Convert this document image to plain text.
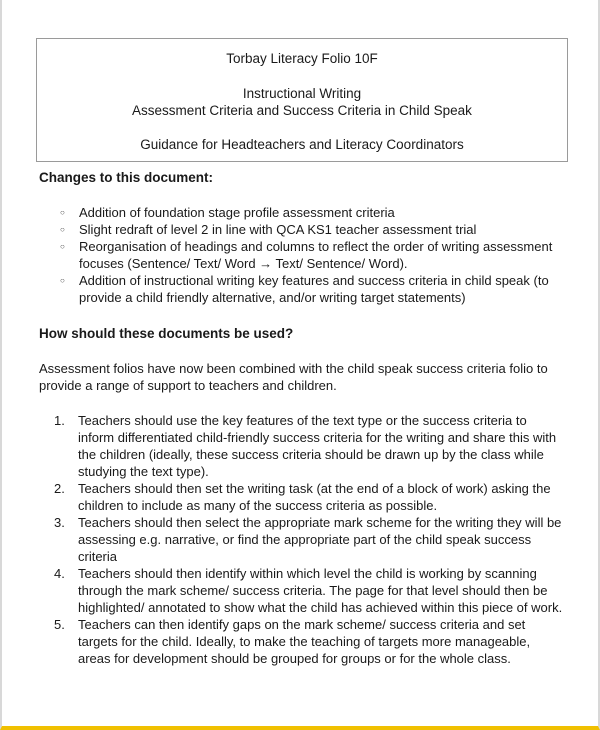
Torbay Literacy Folio 10F
Instructional Writing
Assessment Criteria and Success Criteria in Child Speak
Guidance for Headteachers and Literacy Coordinators
Changes to this document:
○ Addition of foundation stage profile assessment criteria
○ Slight redraft of level 2 in line with QCA KS1 teacher assessment trial
○ Reorganisation of headings and columns to reflect the order of writing assessment focuses (Sentence/ Text/ Word → Text/ Sentence/ Word).
○ Addition of instructional writing key features and success criteria in child speak (to provide a child friendly alternative, and/or writing target statements)
How should these documents be used?

Assessment folios have now been combined with the child speak success criteria folio to provide a range of support to teachers and children.

1. Teachers should use the key features of the text type or the success criteria to inform differentiated child-friendly success criteria for the writing and share this with the children (ideally, these success criteria should be drawn up by the class while studying the text type).
2. Teachers should then set the writing task (at the end of a block of work) asking the children to include as many of the success criteria as possible.
3. Teachers should then select the appropriate mark scheme for the writing they will be assessing e.g. narrative, or find the appropriate part of the child speak success criteria
4. Teachers should then identify within which level the child is working by scanning through the mark scheme/ success criteria. The page for that level should then be highlighted/ annotated to show what the child has achieved within this piece of work.
5. Teachers can then identify gaps on the mark scheme/ success criteria and set targets for the child. Ideally, to make the teaching of targets more manageable, areas for development should be grouped for groups or for the whole class.
